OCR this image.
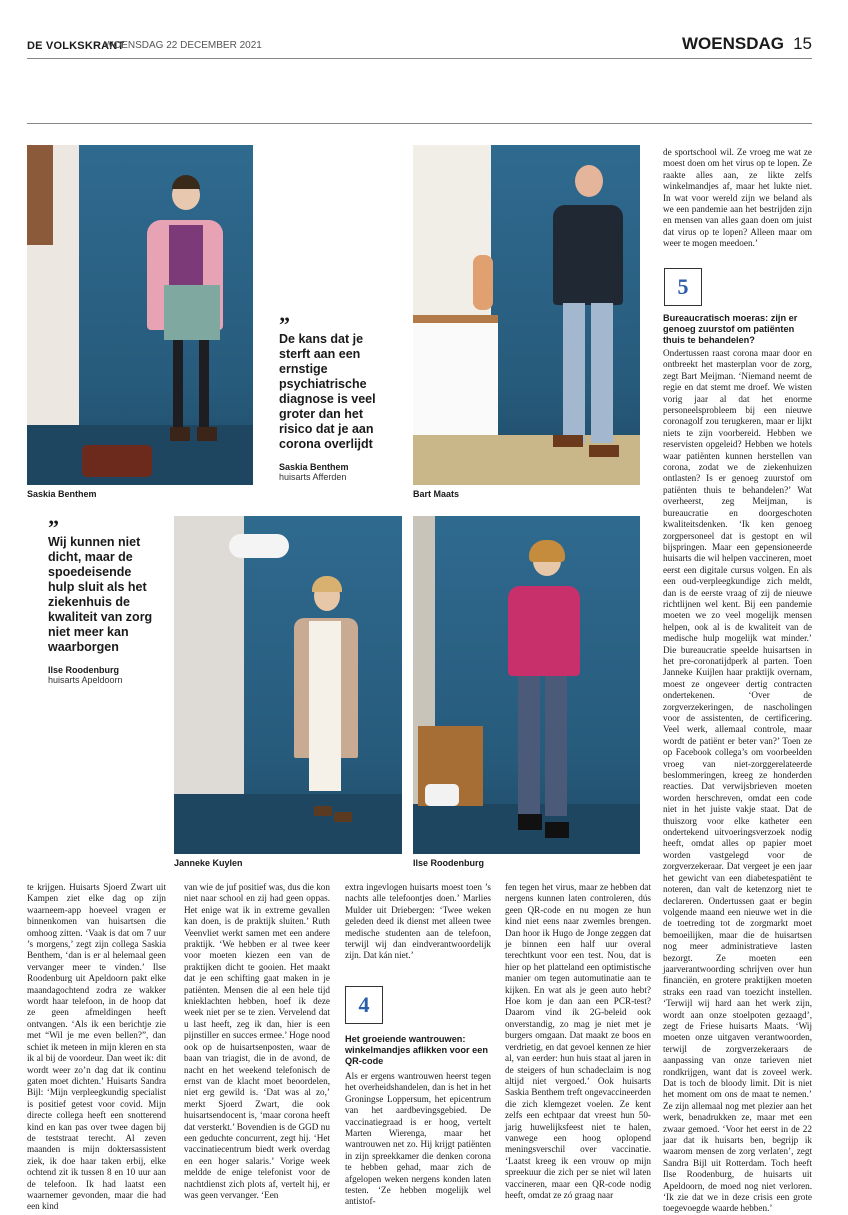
DE VOLKSKRANT
WOENSDAG 22 DECEMBER 2021	WOENSDAG 15
Saskia Benthem
”
De kans dat je sterft aan een ernstige psychiatrische diagnose is veel groter dan het risico dat je aan corona overlijdt
Saskia Benthem
huisarts Afferden
Bart Maats

de sportschool wil. Ze vroeg me wat ze moest doen om het virus op te lopen. Ze raakte alles aan, ze likte zelfs winkelmandjes af, maar het lukte niet. In wat voor wereld zijn we beland als we een pandemie aan het bestrijden zijn en mensen van alles gaan doen om juist dat virus op te lopen? Alleen maar om weer te mogen meedoen.’

5
Bureaucratisch moeras: zijn er genoeg zuurstof om patiënten thuis te behandelen?

Ondertussen raast corona maar door en ontbreekt het masterplan voor de zorg, zegt Bart Meijman. ‘Niemand neemt de regie en dat stemt me droef. We wisten vorig jaar al dat het enorme personeelsprobleem bij een nieuwe coronagolf zou terugkeren, maar er lijkt niets te zijn voorbereid. Hebben we reservisten opgeleid? Hebben we hotels waar patiënten kunnen herstellen van corona, zodat we de ziekenhuizen ontlasten? Is er genoeg zuurstof om patiënten thuis te behandelen?’ Wat overheerst, zeg Meijman, is bureaucratie en doorgeschoten kwaliteitsdenken. ‘Ik ken genoeg zorgpersoneel dat is gestopt en wil bijspringen. Maar een gepensioneerde huisarts die wil helpen vaccineren, moet eerst een digitale cursus volgen. En als een oud-verpleegkundige zich meldt, dan is de eerste vraag of zij de nieuwe richtlijnen wel kent. Bij een pandemie moeten we zo veel mogelijk mensen helpen, ook al is de kwaliteit van de medische hulp mogelijk wat minder.’ Die bureaucratie speelde huisartsen in het pre-coronatijdperk al parten. Toen Janneke Kuijlen haar praktijk overnam, moest ze ongeveer dertig contracten ondertekenen. ‘Over de zorgverzekeringen, de nascholingen voor de assistenten, de certificering. Veel werk, allemaal controle, maar wordt de patiënt er beter van?’ Toen ze op Facebook collega’s om voorbeelden vroeg van niet-zorggerelateerde beslommeringen, kreeg ze honderden reacties. Dat verwijsbrieven moeten worden herschreven, omdat een code niet in het juiste vakje staat. Dat de thuiszorg voor elke katheter een ondertekend uitvoeringsverzoek nodig heeft, omdat alles op papier moet worden vastgelegd voor de zorgverzekeraar. Dat vergeet je een jaar het gewicht van een diabetespatiënt te noteren, dan valt de ketenzorg niet te declareren. Ondertussen gaat er begin volgende maand een nieuwe wet in die de toetreding tot de zorgmarkt moet bemoeilijken, maar die de huisartsen nog meer administratieve lasten bezorgt. Ze moeten een jaarverantwoording schrijven over hun financiën, en grotere praktijken moeten straks een raad van toezicht instellen. ‘Terwijl wij hard aan het werk zijn, wordt aan onze stoelpoten gezaagd’, zegt de Friese huisarts Maats. ‘Wij moeten onze uitgaven verantwoorden, terwijl de zorgverzekeraars de aanpassing van onze tarieven niet rondkrijgen, want dat is zoveel werk. Dat is toch de bloody limit. Dit is niet het moment om ons de maat te nemen.’ Ze zijn allemaal nog met plezier aan het werk, benadrukken ze, maar met een zwaar gemoed. ‘Voor het eerst in de 22 jaar dat ik huisarts ben, begrijp ik waarom mensen de zorg verlaten’, zegt Sandra Bijl uit Rotterdam. Toch heeft Ilse Roodenburg, de huisarts uit Apeldoorn, de moed nog niet verloren. ‘Ik zie dat we in deze crisis een grote toegevoegde waarde hebben.’

”
Wij kunnen niet dicht, maar de spoedeisende hulp sluit als het ziekenhuis de kwaliteit van zorg niet meer kan waarborgen
Ilse Roodenburg
huisarts Apeldoorn
Janneke Kuylen	Ilse Roodenburg

te krijgen. Huisarts Sjoerd Zwart uit Kampen ziet elke dag op zijn waarneem-app hoeveel vragen er binnenkomen van huisartsen die omhoog zitten. ‘Vaak is dat om 7 uur ’s morgens,’ zegt zijn collega Saskia Benthem, ‘dan is er al helemaal geen vervanger meer te vinden.’ Ilse Roodenburg uit Apeldoorn pakt elke maandagochtend zodra ze wakker wordt haar telefoon, in de hoop dat ze geen afmeldingen heeft ontvangen. ‘Als ik een berichtje zie met “Wil je me even bellen?”, dan schiet ik meteen in mijn kleren en sta ik al bij de voordeur. Dan weet ik: dit wordt weer zo’n dag dat ik continu gaten moet dichten.’ Huisarts Sandra Bijl: ‘Mijn verpleegkundig specialist is positief getest voor covid. Mijn directe collega heeft een snotterend kind en kan pas over twee dagen bij de teststraat terecht. Al zeven maanden is mijn doktersassistent ziek, ik doe haar taken erbij, elke ochtend zit ik tussen 8 en 10 uur aan de telefoon. Ik had laatst een waarnemer gevonden, maar die had een kind

van wie de juf positief was, dus die kon niet naar school en zij had geen oppas. Het enige wat ik in extreme gevallen kan doen, is de praktijk sluiten.’ Ruth Veenvliet werkt samen met een andere praktijk. ‘We hebben er al twee keer voor moeten kiezen een van de praktijken dicht te gooien. Het maakt dat je een schifting gaat maken in je patiënten. Mensen die al een hele tijd knieklachten hebben, hoef ik deze week niet per se te zien. Vervelend dat u last heeft, zeg ik dan, hier is een pijnstiller en succes ermee.’ Hoge nood ook op de huisartsenposten, waar de baan van triagist, die in de avond, de nacht en het weekend telefonisch de ernst van de klacht moet beoordelen, niet erg gewild is. ‘Dat was al zo,’ merkt Sjoerd Zwart, die ook huisartsendocent is, ‘maar corona heeft dat versterkt.’ Bovendien is de GGD nu een geduchte concurrent, zegt hij. ‘Het vaccinatiecentrum biedt werk overdag en een hoger salaris.’ Vorige week meldde de enige telefonist voor de nachtdienst zich plots af, vertelt hij, er was geen vervanger. ‘Een

extra ingevlogen huisarts moest toen ’s nachts alle telefoontjes doen.’ Marlies Mulder uit Driebergen: ‘Twee weken geleden deed ik dienst met alleen twee medische studenten aan de telefoon, terwijl wij dan eindverantwoordelijk zijn. Dat kán niet.’

4
Het groeiende wantrouwen: winkelmandjes aflikken voor een QR-code

Als er ergens wantrouwen heerst tegen het overheidshandelen, dan is het in het Groningse Loppersum, het epicentrum van het aardbevingsgebied. De vaccinatiegraad is er hoog, vertelt Marten Wierenga, maar het wantrouwen net zo. Hij krijgt patiënten in zijn spreekkamer die denken corona te hebben gehad, maar zich de afgelopen weken nergens konden laten testen. ‘Ze hebben mogelijk wel antistof-

fen tegen het virus, maar ze hebben dat nergens kunnen laten controleren, dús geen QR-code en nu mogen ze hun kind niet eens naar zwemles brengen. Dan hoor ik Hugo de Jonge zeggen dat je binnen een half uur overal terechtkunt voor een test. Nou, dat is hier op het platteland een optimistische manier om tegen automutinatie aan te kijken. En wat als je geen auto hebt? Hoe kom je dan aan een PCR-test? Daarom vind ik 2G-beleid ook onverstandig, zo mag je niet met je burgers omgaan. Dat maakt ze boos en verdrietig, en dat gevoel kennen ze hier al, van eerder: hun huis staat al jaren in de steigers of hun schadeclaim is nog altijd niet vergoed.’ Ook huisarts Saskia Benthem treft ongevaccineerden die zich klemgezet voelen. Ze kent zelfs een echtpaar dat vreest hun 50-jarig huwelijksfeest niet te halen, vanwege een hoog oplopend meningsverschil over vaccinatie. ‘Laatst kreeg ik een vrouw op mijn spreekuur die zich per se niet wil laten vaccineren, maar een QR-code nodig heeft, omdat ze zó graag naar
